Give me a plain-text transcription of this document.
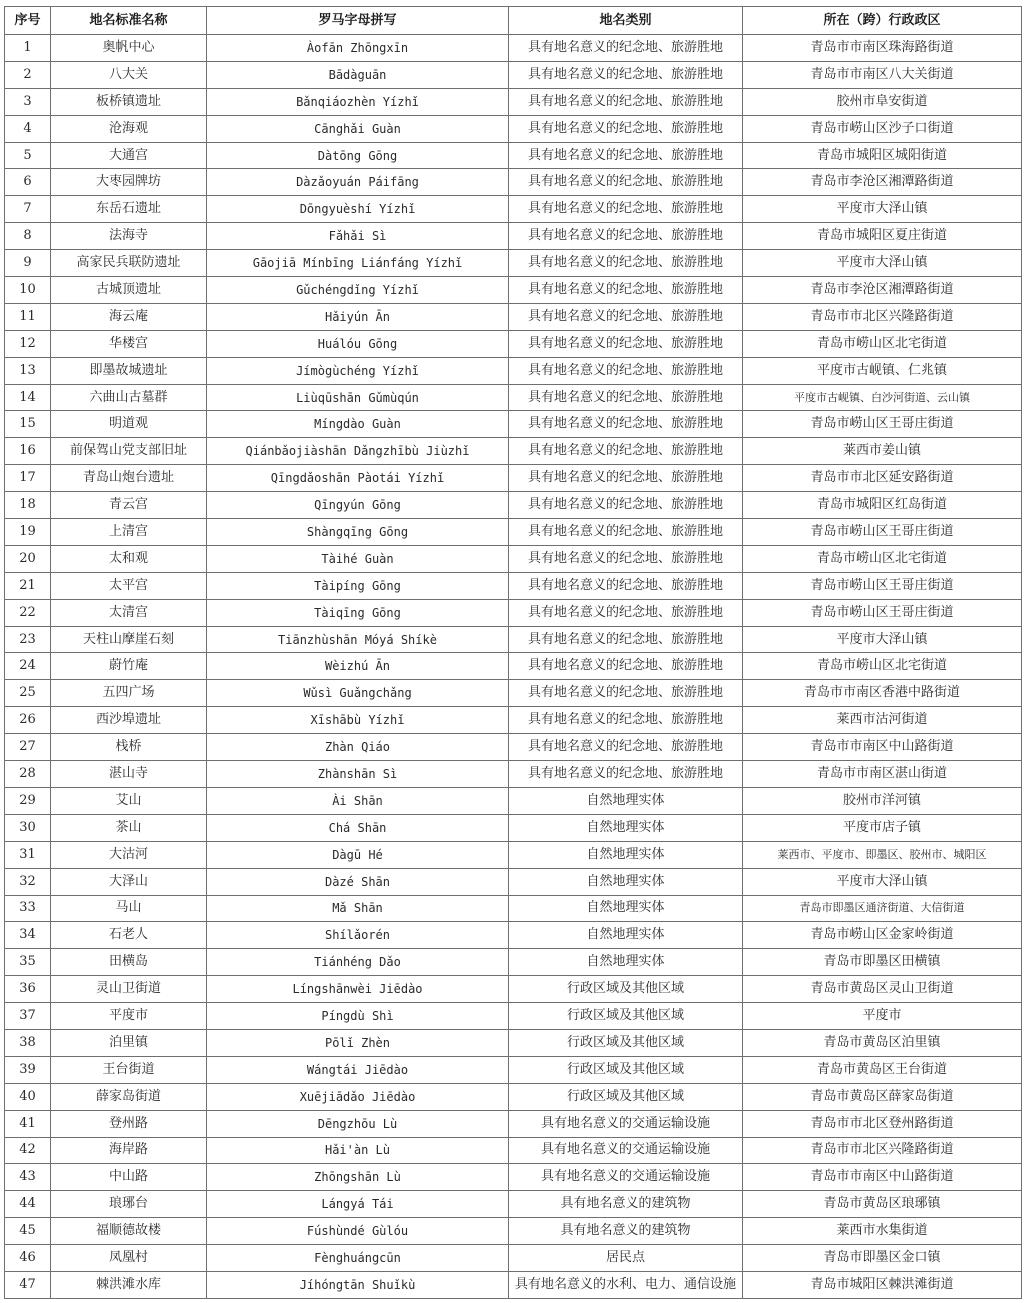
序号	地名标准名称	罗马字母拼写	地名类别	所在（跨）行政政区
1	奥帆中心	Àofān Zhōngxīn	具有地名意义的纪念地、旅游胜地	青岛市市南区珠海路街道
2	八大关	Bādàguān	具有地名意义的纪念地、旅游胜地	青岛市市南区八大关街道
3	板桥镇遗址	Bǎnqiáozhèn Yízhǐ	具有地名意义的纪念地、旅游胜地	胶州市阜安街道
4	沧海观	Cānghǎi Guàn	具有地名意义的纪念地、旅游胜地	青岛市崂山区沙子口街道
5	大通宫	Dàtōng Gōng	具有地名意义的纪念地、旅游胜地	青岛市城阳区城阳街道
6	大枣园牌坊	Dàzǎoyuán Páifāng	具有地名意义的纪念地、旅游胜地	青岛市李沧区湘潭路街道
7	东岳石遗址	Dōngyuèshí Yízhǐ	具有地名意义的纪念地、旅游胜地	平度市大泽山镇
8	法海寺	Fǎhǎi Sì	具有地名意义的纪念地、旅游胜地	青岛市城阳区夏庄街道
9	高家民兵联防遗址	Gāojiā Mínbīng Liánfáng Yízhǐ	具有地名意义的纪念地、旅游胜地	平度市大泽山镇
10	古城顶遗址	Gǔchéngdǐng Yízhǐ	具有地名意义的纪念地、旅游胜地	青岛市李沧区湘潭路街道
11	海云庵	Hǎiyún Ān	具有地名意义的纪念地、旅游胜地	青岛市市北区兴隆路街道
12	华楼宫	Huálóu Gōng	具有地名意义的纪念地、旅游胜地	青岛市崂山区北宅街道
13	即墨故城遗址	Jímògùchéng Yízhǐ	具有地名意义的纪念地、旅游胜地	平度市古岘镇、仁兆镇
14	六曲山古墓群	Liùqūshān Gǔmùqún	具有地名意义的纪念地、旅游胜地	平度市古岘镇、白沙河街道、云山镇
15	明道观	Míngdào Guàn	具有地名意义的纪念地、旅游胜地	青岛市崂山区王哥庄街道
16	前保驾山党支部旧址	Qiánbǎojiàshān Dǎngzhībù Jiùzhǐ	具有地名意义的纪念地、旅游胜地	莱西市姜山镇
17	青岛山炮台遗址	Qīngdǎoshān Pàotái Yízhǐ	具有地名意义的纪念地、旅游胜地	青岛市市北区延安路街道
18	青云宫	Qīngyún Gōng	具有地名意义的纪念地、旅游胜地	青岛市城阳区红岛街道
19	上清宫	Shàngqīng Gōng	具有地名意义的纪念地、旅游胜地	青岛市崂山区王哥庄街道
20	太和观	Tàihé Guàn	具有地名意义的纪念地、旅游胜地	青岛市崂山区北宅街道
21	太平宫	Tàipíng Gōng	具有地名意义的纪念地、旅游胜地	青岛市崂山区王哥庄街道
22	太清宫	Tàiqīng Gōng	具有地名意义的纪念地、旅游胜地	青岛市崂山区王哥庄街道
23	天柱山摩崖石刻	Tiānzhùshān Móyá Shíkè	具有地名意义的纪念地、旅游胜地	平度市大泽山镇
24	蔚竹庵	Wèizhú Ān	具有地名意义的纪念地、旅游胜地	青岛市崂山区北宅街道
25	五四广场	Wǔsì Guǎngchǎng	具有地名意义的纪念地、旅游胜地	青岛市市南区香港中路街道
26	西沙埠遗址	Xīshābù Yízhǐ	具有地名意义的纪念地、旅游胜地	莱西市沽河街道
27	栈桥	Zhàn Qiáo	具有地名意义的纪念地、旅游胜地	青岛市市南区中山路街道
28	湛山寺	Zhànshān Sì	具有地名意义的纪念地、旅游胜地	青岛市市南区湛山街道
29	艾山	Ài Shān	自然地理实体	胶州市洋河镇
30	茶山	Chá Shān	自然地理实体	平度市店子镇
31	大沽河	Dàgū Hé	自然地理实体	莱西市、平度市、即墨区、胶州市、城阳区
32	大泽山	Dàzé Shān	自然地理实体	平度市大泽山镇
33	马山	Mǎ Shān	自然地理实体	青岛市即墨区通济街道、大信街道
34	石老人	Shílǎorén	自然地理实体	青岛市崂山区金家岭街道
35	田横岛	Tiánhéng Dǎo	自然地理实体	青岛市即墨区田横镇
36	灵山卫街道	Língshānwèi Jiēdào	行政区域及其他区域	青岛市黄岛区灵山卫街道
37	平度市	Píngdù Shì	行政区域及其他区域	平度市
38	泊里镇	Pōlǐ Zhèn	行政区域及其他区域	青岛市黄岛区泊里镇
39	王台街道	Wángtái Jiēdào	行政区域及其他区域	青岛市黄岛区王台街道
40	薛家岛街道	Xuējiādǎo Jiēdào	行政区域及其他区域	青岛市黄岛区薛家岛街道
41	登州路	Dēngzhōu Lù	具有地名意义的交通运输设施	青岛市市北区登州路街道
42	海岸路	Hǎi'àn Lù	具有地名意义的交通运输设施	青岛市市北区兴隆路街道
43	中山路	Zhōngshān Lù	具有地名意义的交通运输设施	青岛市市南区中山路街道
44	琅琊台	Lángyá Tái	具有地名意义的建筑物	青岛市黄岛区琅琊镇
45	福顺德故楼	Fúshùndé Gùlóu	具有地名意义的建筑物	莱西市水集街道
46	凤凰村	Fènghuángcūn	居民点	青岛市即墨区金口镇
47	棘洪滩水库	Jíhóngtān Shuǐkù	具有地名意义的水利、电力、通信设施	青岛市城阳区棘洪滩街道
